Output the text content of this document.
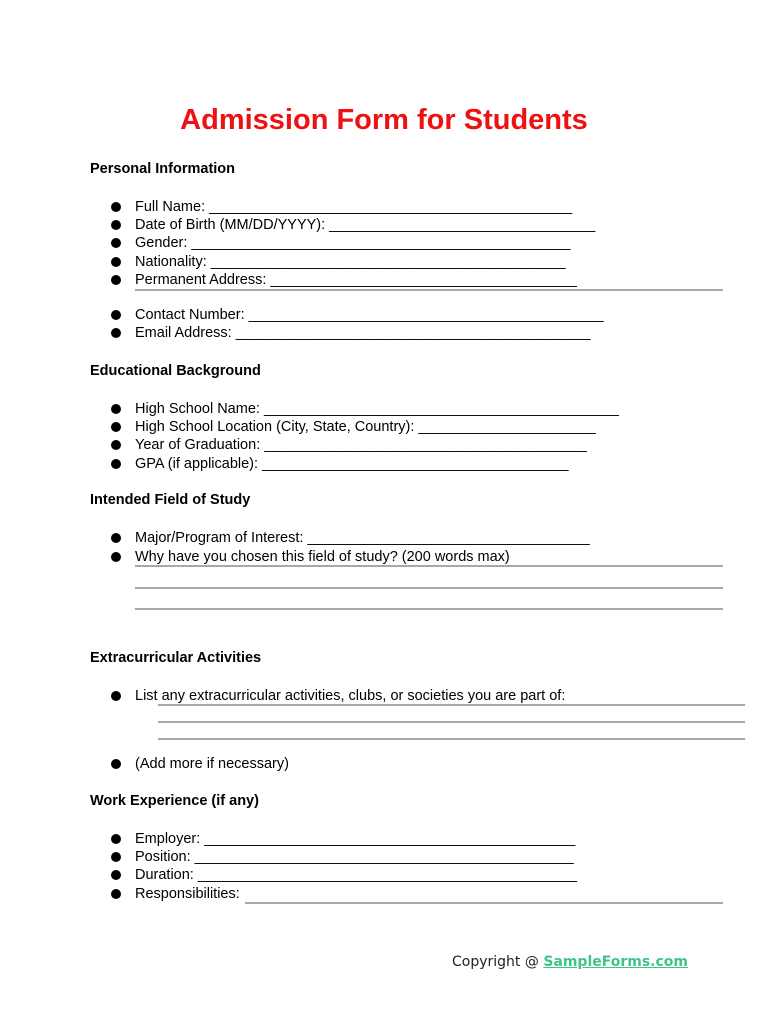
Admission Form for Students
Personal Information
Full Name: _____________________________________________
Date of Birth (MM/DD/YYYY): _________________________________
Gender: _______________________________________________
Nationality: ____________________________________________
Permanent Address: ______________________________________
Contact Number: ____________________________________________
Email Address: ____________________________________________
Educational Background
High School Name: ____________________________________________
High School Location (City, State, Country): ______________________
Year of Graduation: ________________________________________
GPA (if applicable): ______________________________________
Intended Field of Study
Major/Program of Interest: ___________________________________
Why have you chosen this field of study? (200 words max)
Extracurricular Activities
List any extracurricular activities, clubs, or societies you are part of:
(Add more if necessary)
Work Experience (if any)
Employer: ______________________________________________
Position: _______________________________________________
Duration: _______________________________________________
Responsibilities:
Copyright @ SampleForms.com
